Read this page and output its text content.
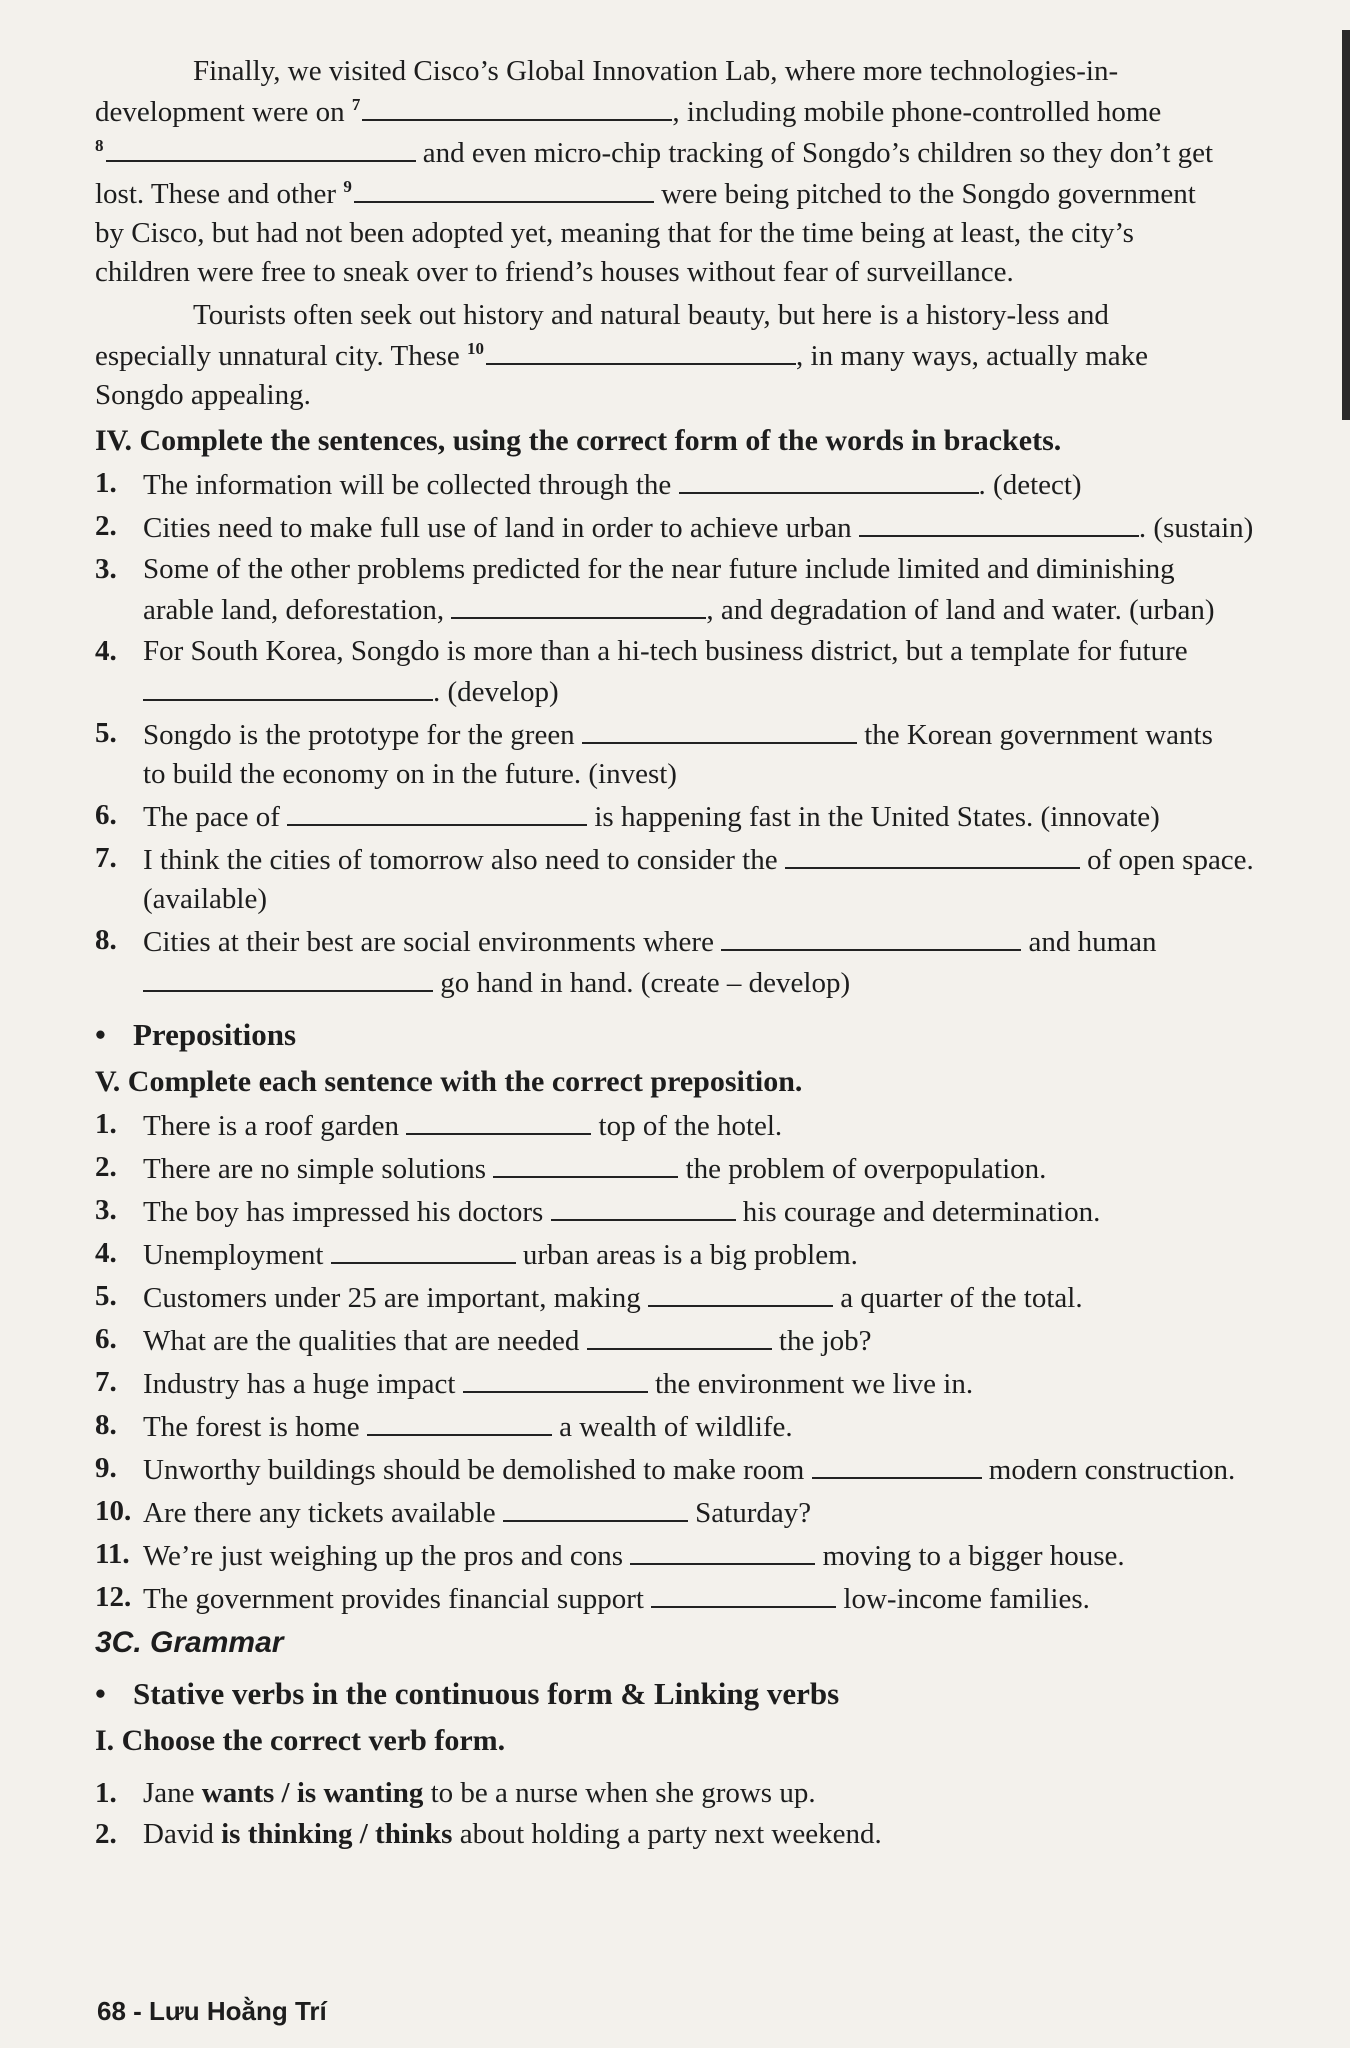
Finally, we visited Cisco’s Global Innovation Lab, where more technologies-in-
development were on $^7$	, including mobile phone-controlled home
$^8$	and even micro-chip tracking of Songdo’s children so they don’t get
lost. These and other $^9$	were being pitched to the Songdo government
by Cisco, but had not been adopted yet, meaning that for the time being at least, the city’s
children were free to sneak over to friend’s houses without fear of surveillance.
Tourists often seek out history and natural beauty, but here is a history-less and
especially unnatural city. These $^{10}$	, in many ways, actually make
Songdo appealing.
IV. Complete the sentences, using the correct form of the words in brackets.
1. The information will be collected through the	. (detect)
2. Cities need to make full use of land in order to achieve urban	. (sustain)
3. Some of the other problems predicted for the near future include limited and diminishing
arable land, deforestation,	, and degradation of land and water. (urban)
4. For South Korea, Songdo is more than a hi-tech business district, but a template for future
. (develop)
5. Songdo is the prototype for the green	the Korean government wants
to build the economy on in the future. (invest)
6. The pace of	is happening fast in the United States. (innovate)
7. I think the cities of tomorrow also need to consider the	of open space.
(available)
8. Cities at their best are social environments where	and human
go hand in hand. (create – develop)
• Prepositions
V. Complete each sentence with the correct preposition.
1. There is a roof garden	top of the hotel.
2. There are no simple solutions	the problem of overpopulation.
3. The boy has impressed his doctors	his courage and determination.
4. Unemployment	urban areas is a big problem.
5. Customers under 25 are important, making	a quarter of the total.
6. What are the qualities that are needed	the job?
7. Industry has a huge impact	the environment we live in.
8. The forest is home	a wealth of wildlife.
9. Unworthy buildings should be demolished to make room	modern construction.
10. Are there any tickets available	Saturday?
11. We’re just weighing up the pros and cons	moving to a bigger house.
12. The government provides financial support	low-income families.
3C. Grammar
• Stative verbs in the continuous form & Linking verbs
I. Choose the correct verb form.
1. Jane wants / is wanting to be a nurse when she grows up.
2. David is thinking / thinks about holding a party next weekend.
68 - Lưu Hoằng Trí
